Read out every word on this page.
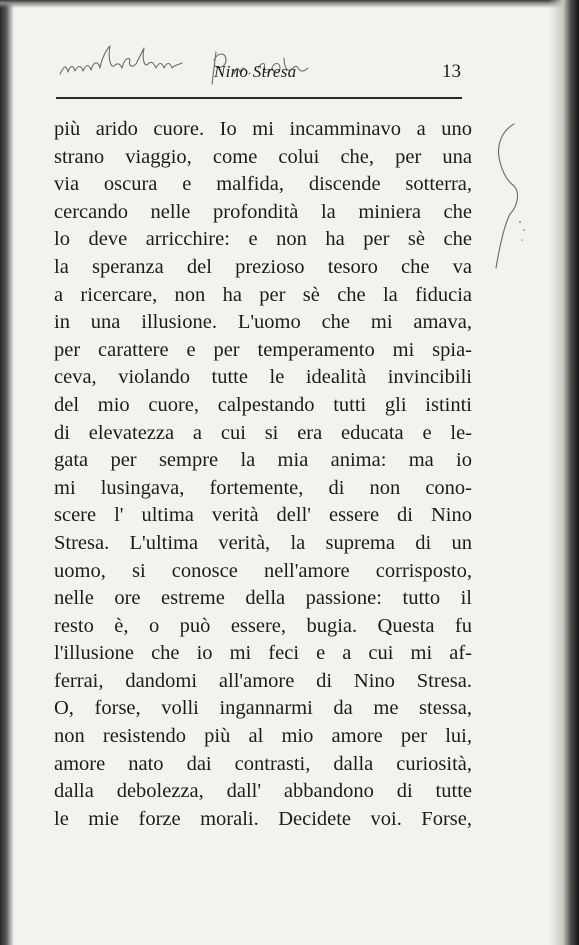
Nino Stresa	13
più arido cuore. Io mi incamminavo a uno
strano viaggio, come colui che, per una
via oscura e malfida, discende sotterra,
cercando nelle profondità la miniera che
lo deve arricchire: e non ha per sè che
la speranza del prezioso tesoro che va
a ricercare, non ha per sè che la fiducia
in una illusione. L'uomo che mi amava,
per carattere e per temperamento mi spia-
ceva, violando tutte le idealità invincibili
del mio cuore, calpestando tutti gli istinti
di elevatezza a cui si era educata e le-
gata per sempre la mia anima: ma io
mi lusingava, fortemente, di non cono-
scere l' ultima verità dell' essere di Nino
Stresa. L'ultima verità, la suprema di un
uomo, si conosce nell'amore corrisposto,
nelle ore estreme della passione: tutto il
resto è, o può essere, bugia. Questa fu
l'illusione che io mi feci e a cui mi af-
ferrai, dandomi all'amore di Nino Stresa.
O, forse, volli ingannarmi da me stessa,
non resistendo più al mio amore per lui,
amore nato dai contrasti, dalla curiosità,
dalla debolezza, dall' abbandono di tutte
le mie forze morali. Decidete voi. Forse,
